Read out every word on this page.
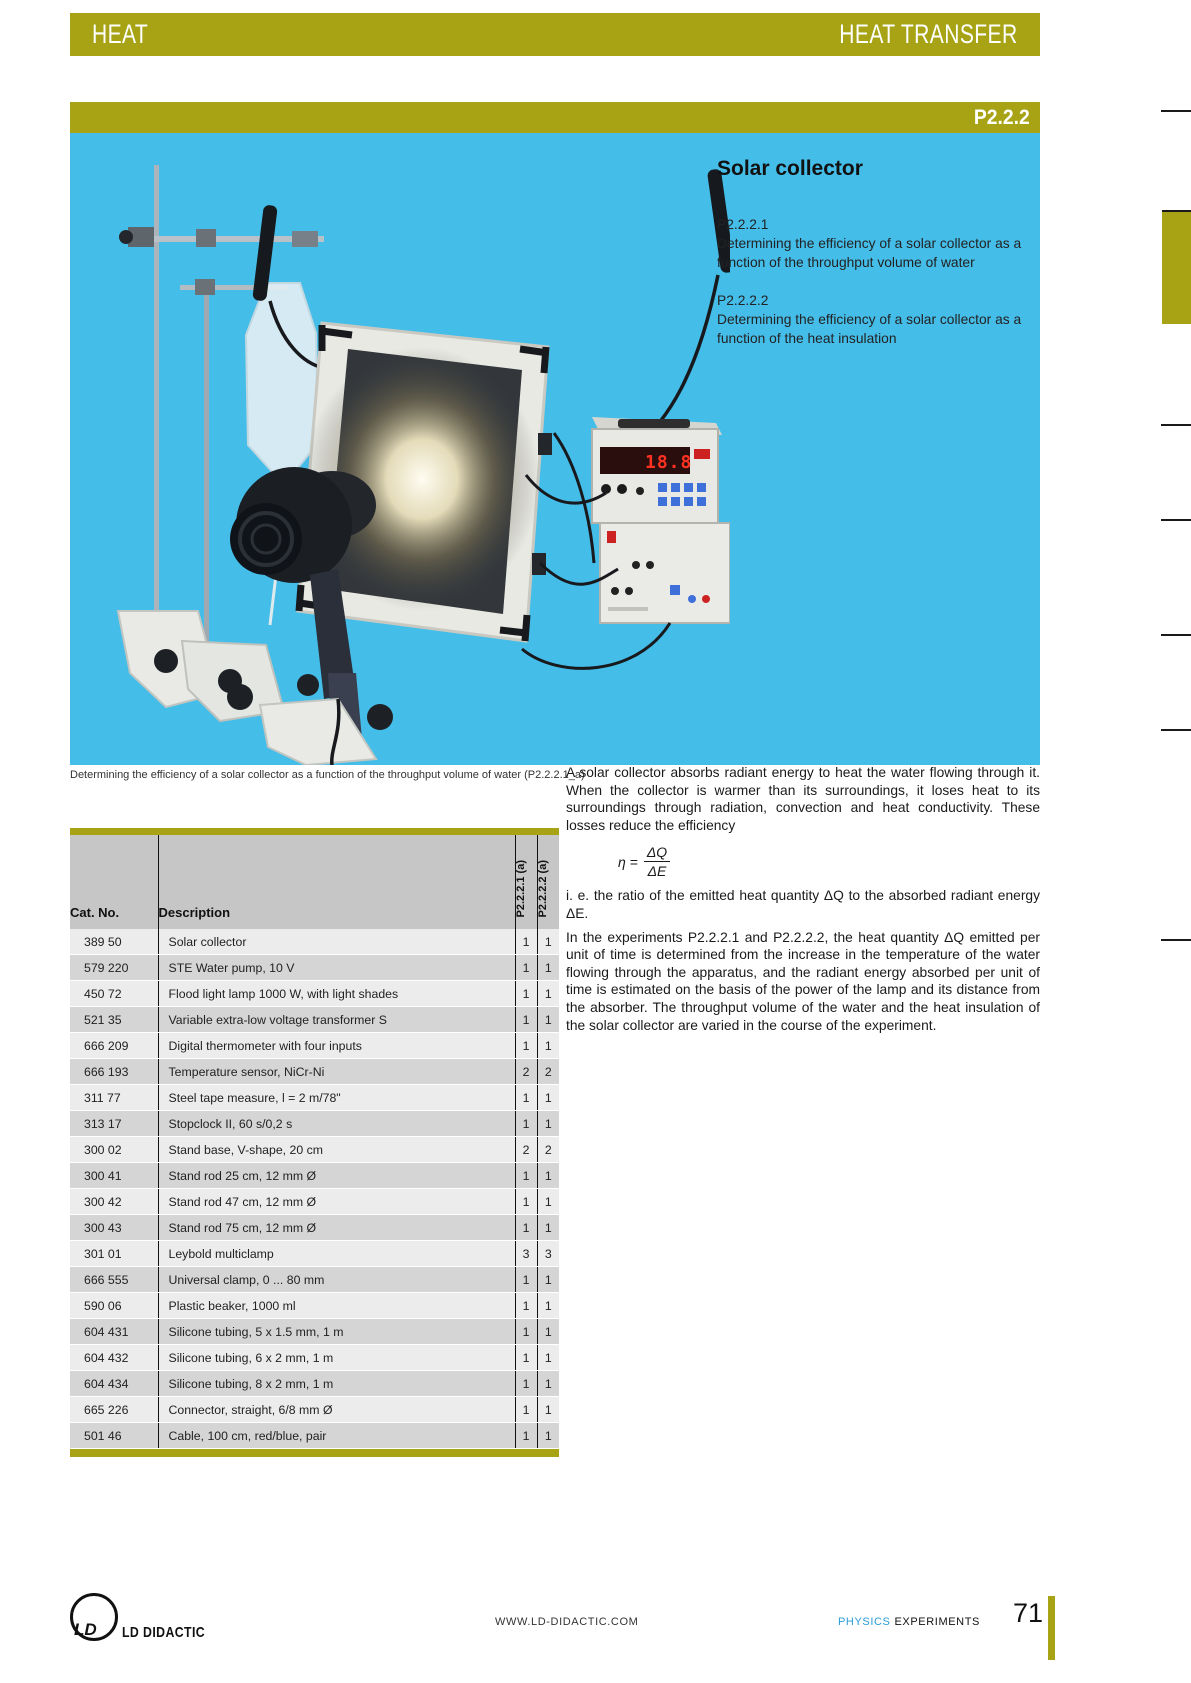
HEAT	HEAT TRANSFER
P2.2.2
18.8

Solar collector

P2.2.2.1
Determining the efficiency of a solar collector as a function of the throughput volume of water

P2.2.2.2
Determining the efficiency of a solar collector as a function of the heat insulation

Determining the efficiency of a solar collector as a function of the throughput volume of water (P2.2.2.1_a)
Cat. No.	Description	P2.2.2.1 (a)	P2.2.2.2 (a)
389 50	Solar collector	1	1
579 220	STE Water pump, 10 V	1	1
450 72	Flood light lamp 1000 W, with light shades	1	1
521 35	Variable extra-low voltage transformer S	1	1
666 209	Digital thermometer with four inputs	1	1
666 193	Temperature sensor, NiCr-Ni	2	2
311 77	Steel tape measure, l = 2 m/78"	1	1
313 17	Stopclock II, 60 s/0,2 s	1	1
300 02	Stand base, V-shape, 20 cm	2	2
300 41	Stand rod 25 cm, 12 mm Ø	1	1
300 42	Stand rod 47 cm, 12 mm Ø	1	1
300 43	Stand rod 75 cm, 12 mm Ø	1	1
301 01	Leybold multiclamp	3	3
666 555	Universal clamp, 0 ... 80 mm	1	1
590 06	Plastic beaker, 1000 ml	1	1
604 431	Silicone tubing, 5 x 1.5 mm, 1 m	1	1
604 432	Silicone tubing, 6 x 2 mm, 1 m	1	1
604 434	Silicone tubing, 8 x 2 mm, 1 m	1	1
665 226	Connector, straight, 6/8 mm Ø	1	1
501 46	Cable, 100 cm, red/blue, pair	1	1

A solar collector absorbs radiant energy to heat the water flowing through it. When the collector is warmer than its surroundings, it loses heat to its surroundings through radiation, convection and heat conductivity. These losses reduce the efficiency

$\eta = \frac{\Delta Q}{\Delta E}$

i. e. the ratio of the emitted heat quantity ΔQ to the absorbed radiant energy ΔE.

In the experiments P2.2.2.1 and P2.2.2.2, the heat quantity ΔQ emitted per unit of time is determined from the increase in the temperature of the water flowing through the apparatus, and the radiant energy absorbed per unit of time is estimated on the basis of the power of the lamp and its distance from the absorber. The throughput volume of the water and the heat insulation of the solar collector are varied in the course of the experiment.

LD LD DIDACTIC
WWW.LD-DIDACTIC.COM	PHYSICS EXPERIMENTS 71
